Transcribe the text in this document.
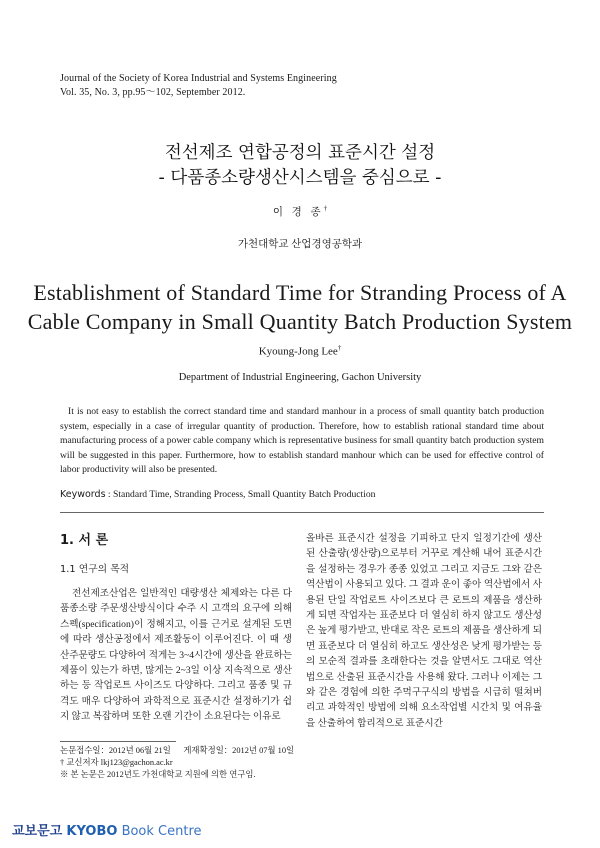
Journal of the Society of Korea Industrial and Systems Engineering
Vol. 35, No. 3, pp.95～102, September 2012.
전선제조 연합공정의 표준시간 설정
- 다품종소량생산시스템을 중심으로 -
이 경 종†
가천대학교 산업경영공학과
Establishment of Standard Time for Stranding Process of A
Cable Company in Small Quantity Batch Production System
Kyoung-Jong Lee†
Department of Industrial Engineering, Gachon University
It is not easy to establish the correct standard time and standard manhour in a process of small quantity batch production system, especially in a case of irregular quantity of production. Therefore, how to establish rational standard time about manufacturing process of a power cable company which is representative business for small quantity batch production system will be suggested in this paper. Furthermore, how to establish standard manhour which can be used for effective control of labor productivity will also be presented.
Keywords : Standard Time, Stranding Process, Small Quantity Batch Production
1. 서 론
1.1 연구의 목적
전선제조산업은 일반적인 대량생산 체제와는 다른 다품종소량 주문생산방식이다 수주 시 고객의 요구에 의해 스펙(specification)이 정해지고, 이를 근거로 설계된 도면에 따라 생산공정에서 제조활동이 이루어진다. 이 때 생산주문량도 다양하여 적게는 3~4시간에 생산을 완료하는 제품이 있는가 하면, 많게는 2~3일 이상 지속적으로 생산하는 등 작업로트 사이즈도 다양하다. 그리고 품종 및 규격도 매우 다양하여 과학적으로 표준시간 설정하기가 쉽지 않고 복잡하며 또한 오랜 기간이 소요된다는 이유로
올바른 표준시간 설정을 기피하고 단지 일정기간에 생산된 산출량(생산량)으로부터 거꾸로 계산해 내어 표준시간을 설정하는 경우가 종종 있었고 그리고 지금도 그와 같은 역산법이 사용되고 있다. 그 결과 운이 좋아 역산법에서 사용된 단일 작업로트 사이즈보다 큰 로트의 제품을 생산하게 되면 작업자는 표준보다 더 열심히 하지 않고도 생산성은 높게 평가받고, 반대로 작은 로트의 제품을 생산하게 되면 표준보다 더 열심히 하고도 생산성은 낮게 평가받는 등의 모순적 결과를 초래한다는 것을 알면서도 그대로 역산법으로 산출된 표준시간을 사용해 왔다. 그러나 이제는 그와 같은 경험에 의한 주먹구구식의 방법을 시급히 떨쳐버리고 과학적인 방법에 의해 요소작업별 시간치 및 여유율을 산출하여 합리적으로 표준시간
논문접수일：2012년 06월 21일      게재확정일：2012년 07월 10일
† 교신저자 lkj123@gachon.ac.kr
※ 본 논문은 2012년도 가천대학교 지원에 의한 연구임.
교보문고 KYOBO Book Centre
